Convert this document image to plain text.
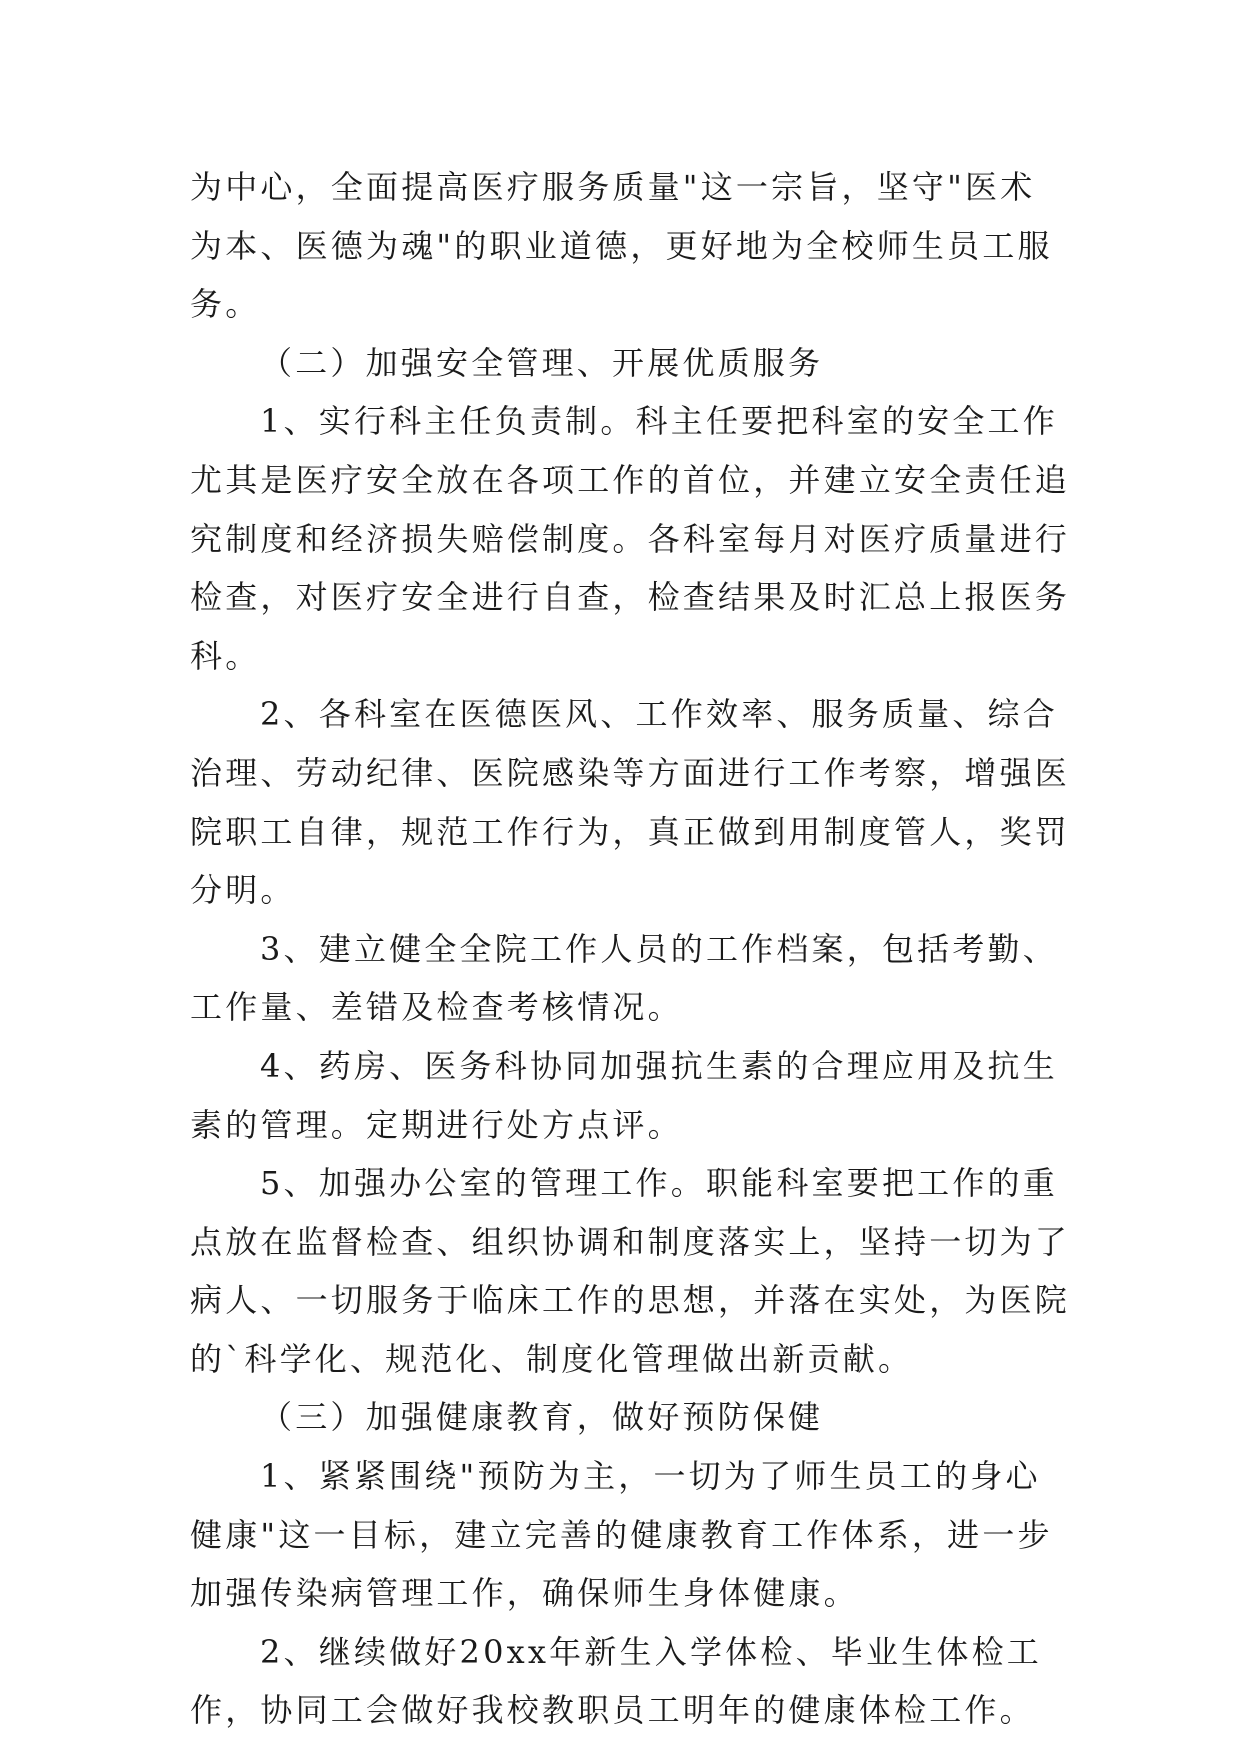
为中心，全面提高医疗服务质量"这一宗旨，坚守"医术为本、医德为魂"的职业道德，更好地为全校师生员工服务。

（二）加强安全管理、开展优质服务

1、实行科主任负责制。科主任要把科室的安全工作尤其是医疗安全放在各项工作的首位，并建立安全责任追究制度和经济损失赔偿制度。各科室每月对医疗质量进行检查，对医疗安全进行自查，检查结果及时汇总上报医务科。

2、各科室在医德医风、工作效率、服务质量、综合治理、劳动纪律、医院感染等方面进行工作考察，增强医院职工自律，规范工作行为，真正做到用制度管人，奖罚分明。

3、建立健全全院工作人员的工作档案，包括考勤、工作量、差错及检查考核情况。

4、药房、医务科协同加强抗生素的合理应用及抗生素的管理。定期进行处方点评。

5、加强办公室的管理工作。职能科室要把工作的重点放在监督检查、组织协调和制度落实上，坚持一切为了病人、一切服务于临床工作的思想，并落在实处，为医院的`科学化、规范化、制度化管理做出新贡献。

（三）加强健康教育，做好预防保健

1、紧紧围绕"预防为主，一切为了师生员工的身心健康"这一目标，建立完善的健康教育工作体系，进一步加强传染病管理工作，确保师生身体健康。

2、继续做好20xx年新生入学体检、毕业生体检工作，协同工会做好我校教职员工明年的健康体检工作。
